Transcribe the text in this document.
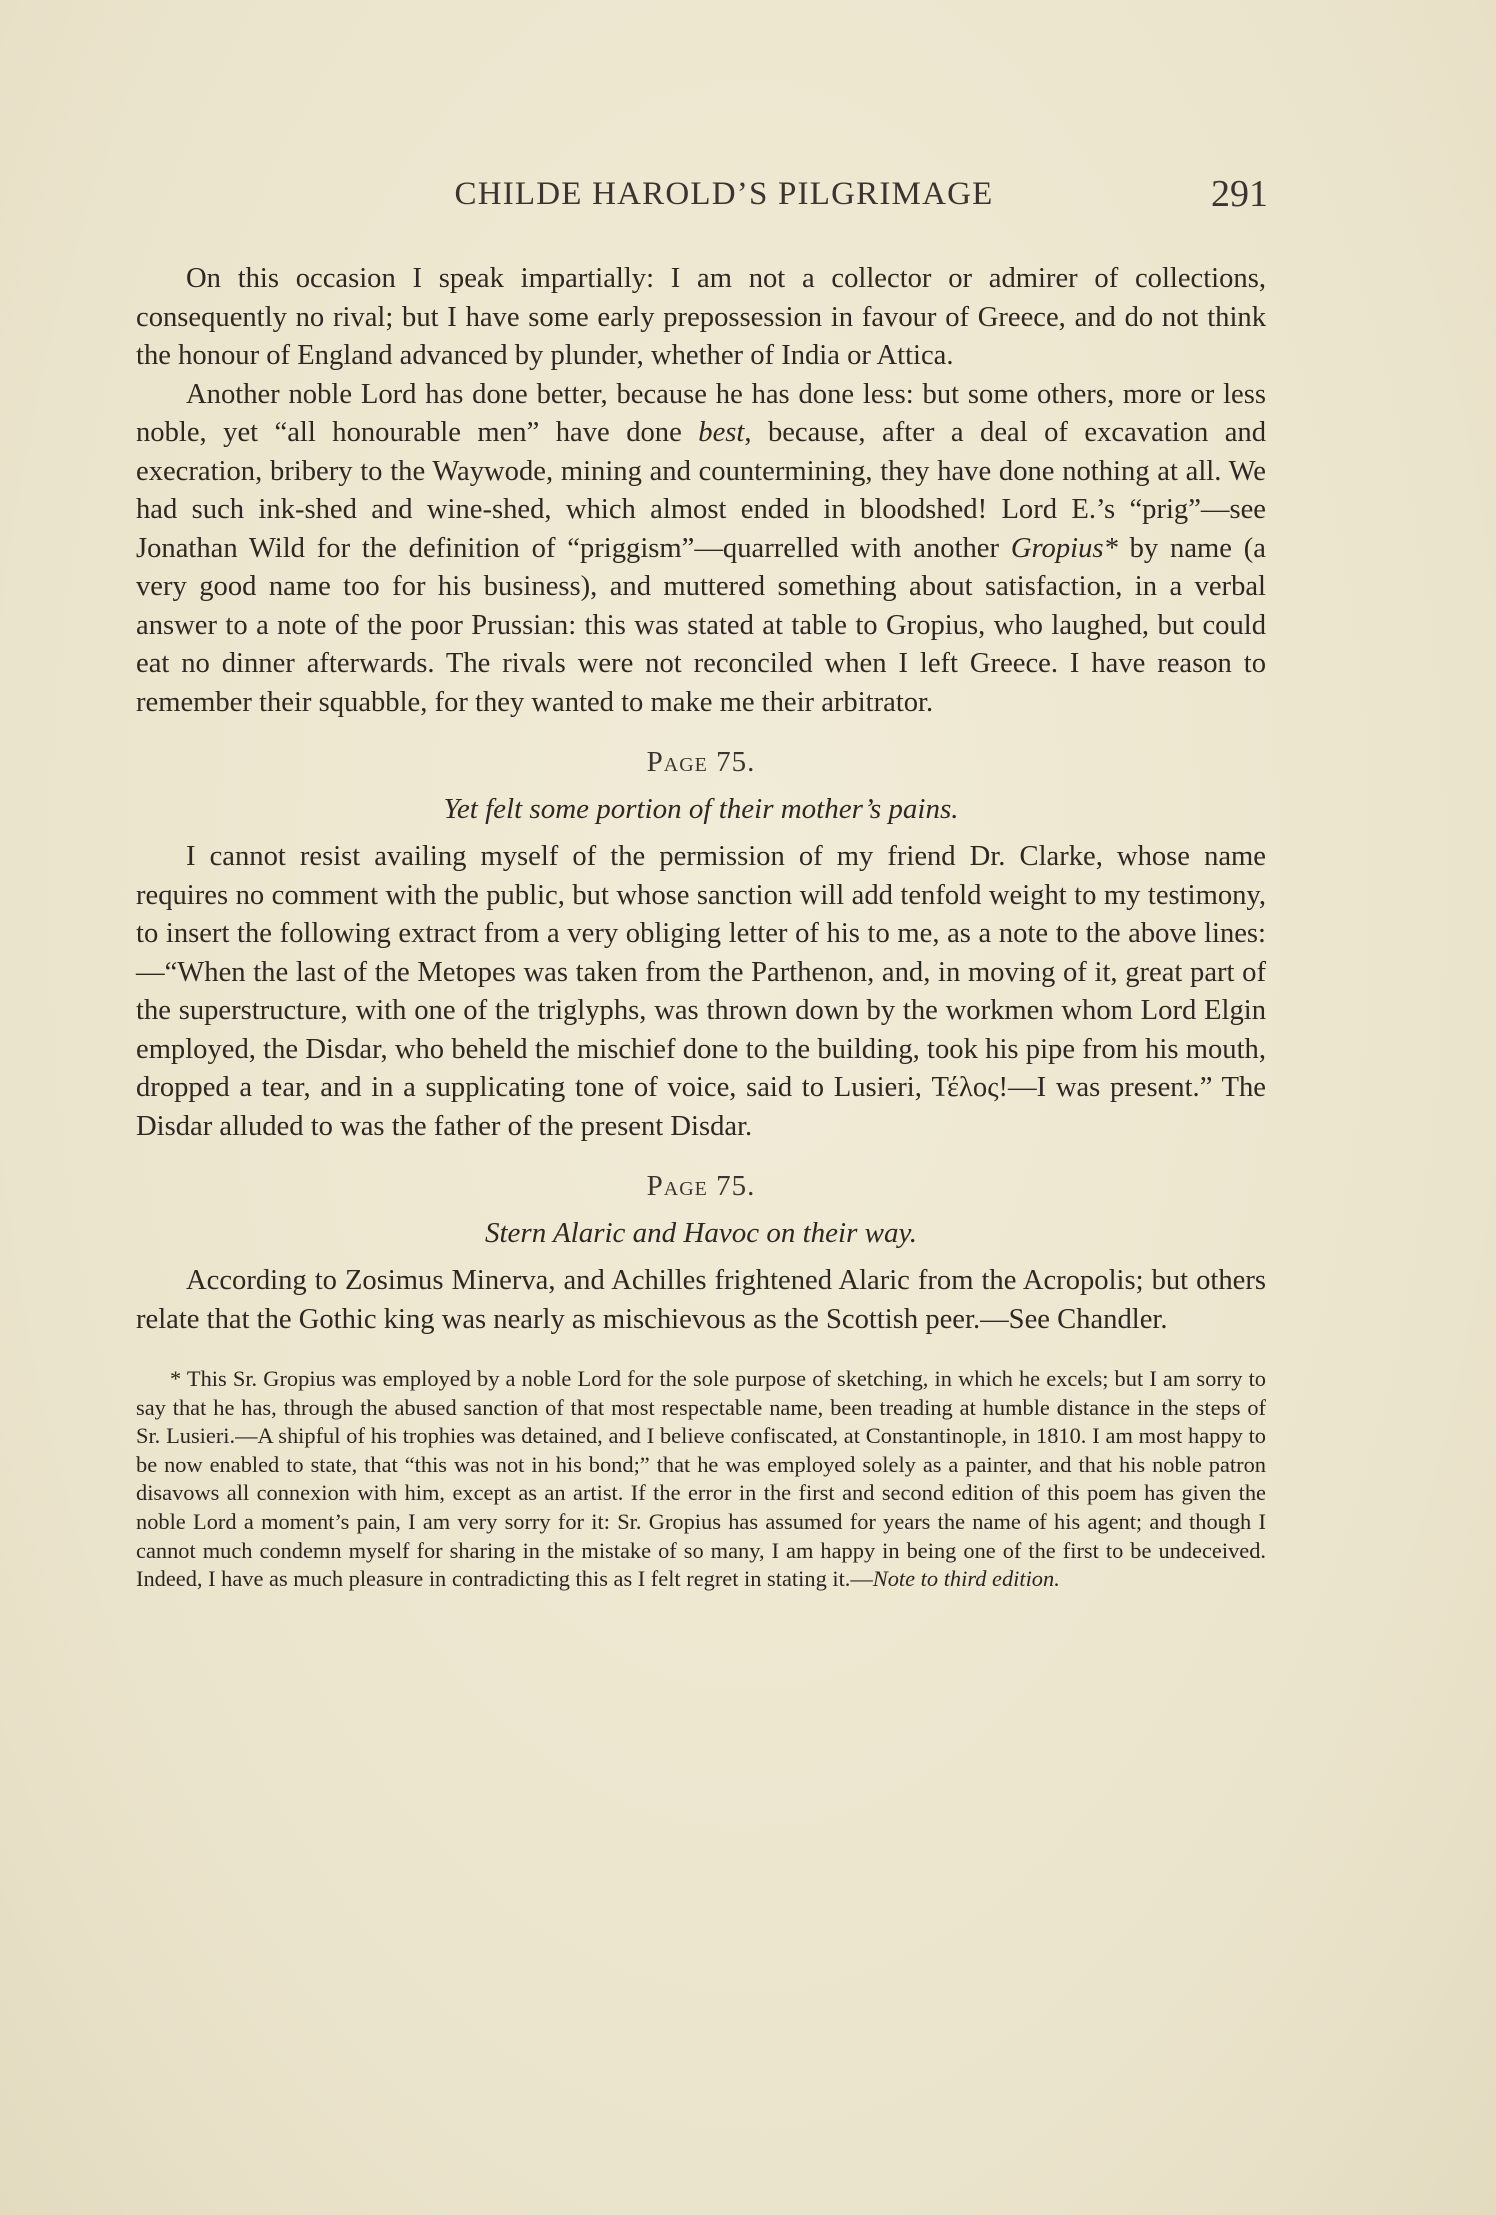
CHILDE HAROLD’S PILGRIMAGE	291

On this occasion I speak impartially: I am not a collector or admirer of collections, consequently no rival; but I have some early prepossession in favour of Greece, and do not think the honour of England advanced by plunder, whether of India or Attica.

Another noble Lord has done better, because he has done less: but some others, more or less noble, yet “all honourable men” have done best, because, after a deal of excavation and execration, bribery to the Waywode, mining and countermining, they have done nothing at all. We had such ink-shed and wine-shed, which almost ended in bloodshed! Lord E.’s “prig”—see Jonathan Wild for the definition of “priggism”—quarrelled with another Gropius* by name (a very good name too for his business), and muttered something about satisfaction, in a verbal answer to a note of the poor Prussian: this was stated at table to Gropius, who laughed, but could eat no dinner afterwards. The rivals were not reconciled when I left Greece. I have reason to remember their squabble, for they wanted to make me their arbitrator.

Page 75.
Yet felt some portion of their mother’s pains.

I cannot resist availing myself of the permission of my friend Dr. Clarke, whose name requires no comment with the public, but whose sanction will add tenfold weight to my testimony, to insert the following extract from a very obliging letter of his to me, as a note to the above lines:—“When the last of the Metopes was taken from the Parthenon, and, in moving of it, great part of the superstructure, with one of the triglyphs, was thrown down by the workmen whom Lord Elgin employed, the Disdar, who beheld the mischief done to the building, took his pipe from his mouth, dropped a tear, and in a supplicating tone of voice, said to Lusieri, Τέλος!—I was present.” The Disdar alluded to was the father of the present Disdar.

Page 75.
Stern Alaric and Havoc on their way.

According to Zosimus Minerva, and Achilles frightened Alaric from the Acropolis; but others relate that the Gothic king was nearly as mischievous as the Scottish peer.—See Chandler.

* This Sr. Gropius was employed by a noble Lord for the sole purpose of sketching, in which he excels; but I am sorry to say that he has, through the abused sanction of that most respectable name, been treading at humble distance in the steps of Sr. Lusieri.—A shipful of his trophies was detained, and I believe confiscated, at Constantinople, in 1810. I am most happy to be now enabled to state, that “this was not in his bond;” that he was employed solely as a painter, and that his noble patron disavows all connexion with him, except as an artist. If the error in the first and second edition of this poem has given the noble Lord a moment’s pain, I am very sorry for it: Sr. Gropius has assumed for years the name of his agent; and though I cannot much condemn myself for sharing in the mistake of so many, I am happy in being one of the first to be undeceived. Indeed, I have as much pleasure in contradicting this as I felt regret in stating it.—Note to third edition.
